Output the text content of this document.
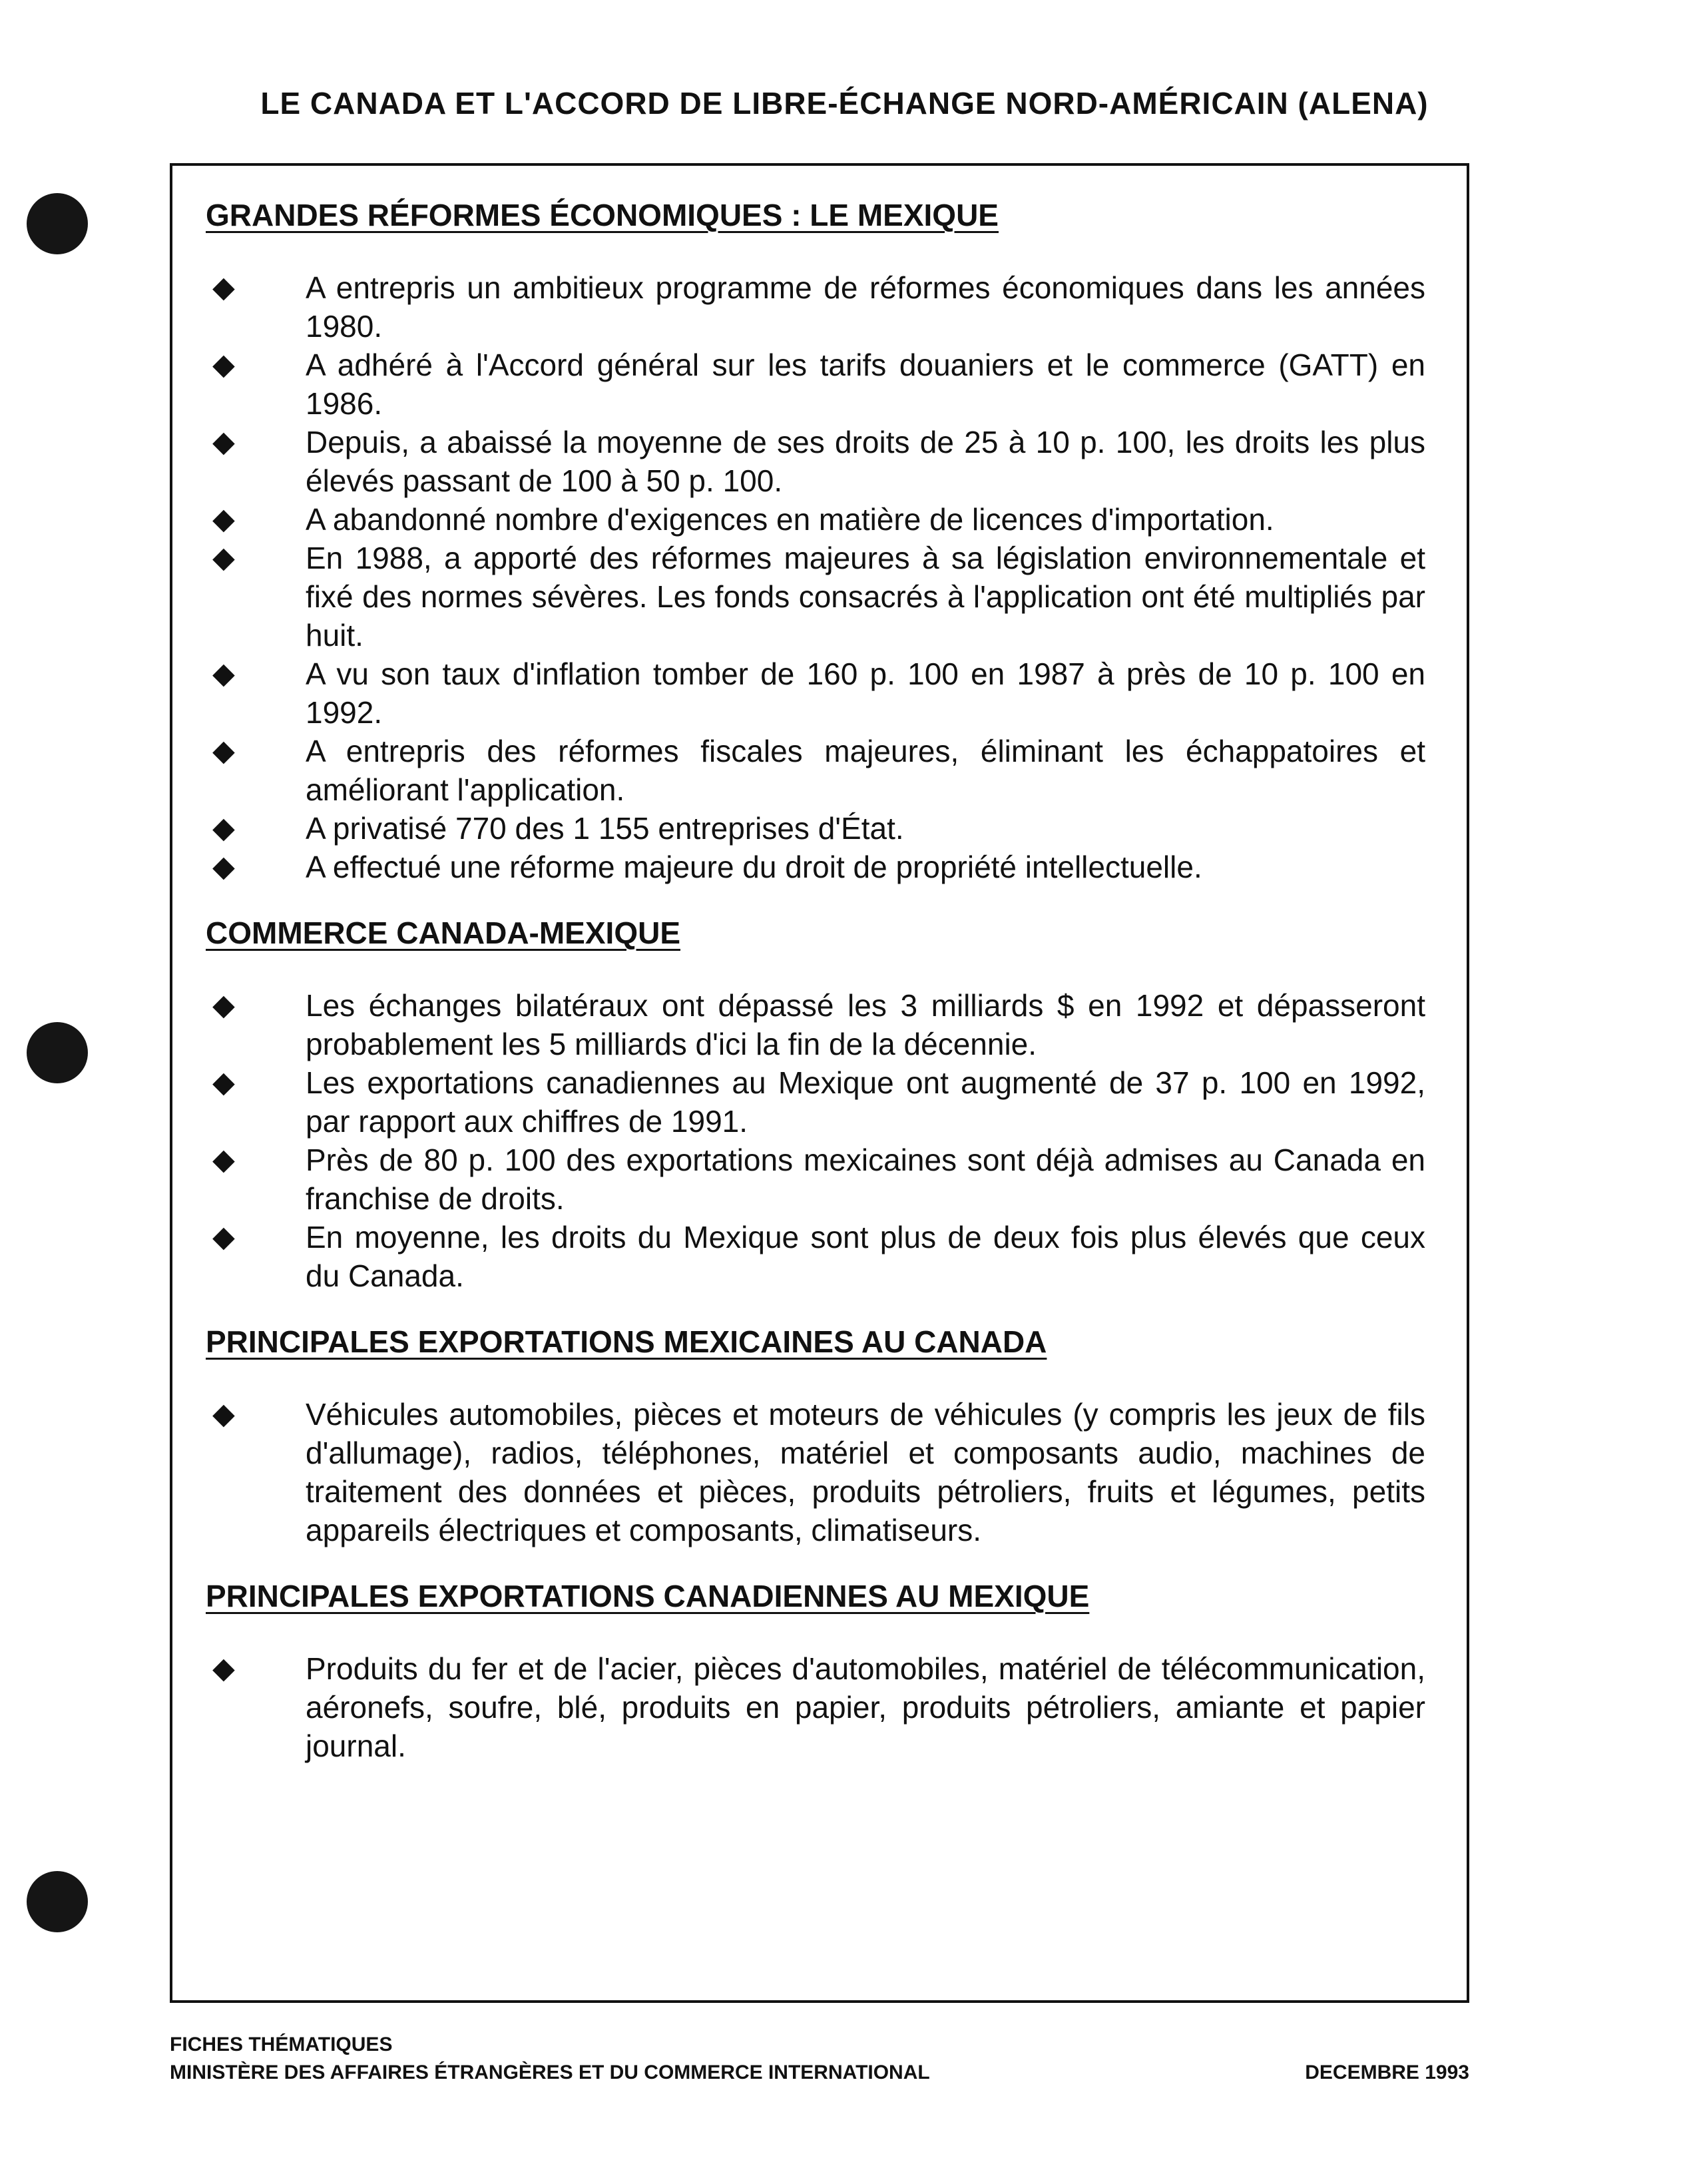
LE CANADA ET L'ACCORD DE LIBRE-ÉCHANGE NORD-AMÉRICAIN (ALENA)
GRANDES RÉFORMES ÉCONOMIQUES : LE MEXIQUE
◆ A entrepris un ambitieux programme de réformes économiques dans les années 1980.
◆ A adhéré à l'Accord général sur les tarifs douaniers et le commerce (GATT) en 1986.
◆ Depuis, a abaissé la moyenne de ses droits de 25 à 10 p. 100, les droits les plus élevés passant de 100 à 50 p. 100.
◆ A abandonné nombre d'exigences en matière de licences d'importation.
◆ En 1988, a apporté des réformes majeures à sa législation environnementale et fixé des normes sévères. Les fonds consacrés à l'application ont été multipliés par huit.
◆ A vu son taux d'inflation tomber de 160 p. 100 en 1987 à près de 10 p. 100 en 1992.
◆ A entrepris des réformes fiscales majeures, éliminant les échappatoires et améliorant l'application.
◆ A privatisé 770 des 1 155 entreprises d'État.
◆ A effectué une réforme majeure du droit de propriété intellectuelle.
COMMERCE CANADA-MEXIQUE
◆ Les échanges bilatéraux ont dépassé les 3 milliards $ en 1992 et dépasseront probablement les 5 milliards d'ici la fin de la décennie.
◆ Les exportations canadiennes au Mexique ont augmenté de 37 p. 100 en 1992, par rapport aux chiffres de 1991.
◆ Près de 80 p. 100 des exportations mexicaines sont déjà admises au Canada en franchise de droits.
◆ En moyenne, les droits du Mexique sont plus de deux fois plus élevés que ceux du Canada.
PRINCIPALES EXPORTATIONS MEXICAINES AU CANADA
◆ Véhicules automobiles, pièces et moteurs de véhicules (y compris les jeux de fils d'allumage), radios, téléphones, matériel et composants audio, machines de traitement des données et pièces, produits pétroliers, fruits et légumes, petits appareils électriques et composants, climatiseurs.
PRINCIPALES EXPORTATIONS CANADIENNES AU MEXIQUE
◆ Produits du fer et de l'acier, pièces d'automobiles, matériel de télécommunication, aéronefs, soufre, blé, produits en papier, produits pétroliers, amiante et papier journal.
FICHES THÉMATIQUES
MINISTÈRE DES AFFAIRES ÉTRANGÈRES ET DU COMMERCE INTERNATIONAL	DECEMBRE 1993
